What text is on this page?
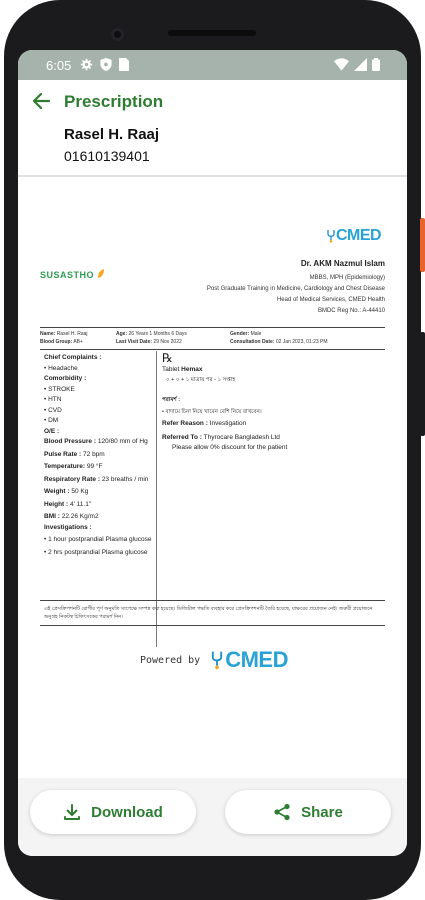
6:05
Prescription
Rasel H. Raaj
01610139401
CMED
SUSASTHO
Dr. AKM Nazmul Islam
MBBS, MPH (Epidemiology)
Post Graduate Training in Medicine, Cardiology and Chest Disease
Head of Medical Services, CMED Health
BMDC Reg No.: A-44410
Name: Rasel H. Raaj	Age: 26 Years 1 Months 6 Days	Gender: Male
Blood Group: AB+	Last Visit Date: 29 Nov 2022	Consultation Date: 02 Jan 2023, 01:23 PM
Chief Complaints :
• Headache
Comorbidity :
• STROKE
• HTN
• CVD
• DM
O/E :
Blood Pressure : 120/80 mm of Hg
Pulse Rate : 72 bpm
Temperature: 99 °F
Respiratory Rate : 23 breaths / min
Weight : 50 Kg
Height : 4' 11.1"
BMI : 22.26 Kg/m2
Investigations :
• 1 hour postprandial Plasma glucose
• 2 hrs postprandial Plasma glucose
℞
Tablet Hemax
০ + ০ + ১ মাত্রায় পর - ১ সপ্তাহ
পরামর্শ :
• বাদামে চিনা নিয়ে খাবেন বেশি নিয়ে রাখবেন।
Refer Reason : Investigation
Referred To : Thyrocare Bangladesh Ltd
Please allow 0% discount for the patient
এই প্রেসক্রিপশনটি রোগীর পূর্ণ অনুমতি সাপেক্ষে সম্পন্ন করা হয়েছে। ডিজিটাল পদ্ধতি ব্যবহার করে প্রেসক্রিপশনটি তৈরি হয়েছে, যাক্ষরের প্রয়োজন নেই। জরুরী প্রয়োজনে অনুগ্রহ নিকটস্থ চিকিৎসকের পরামর্শ নিন।
Powered by CMED
Download	Share
